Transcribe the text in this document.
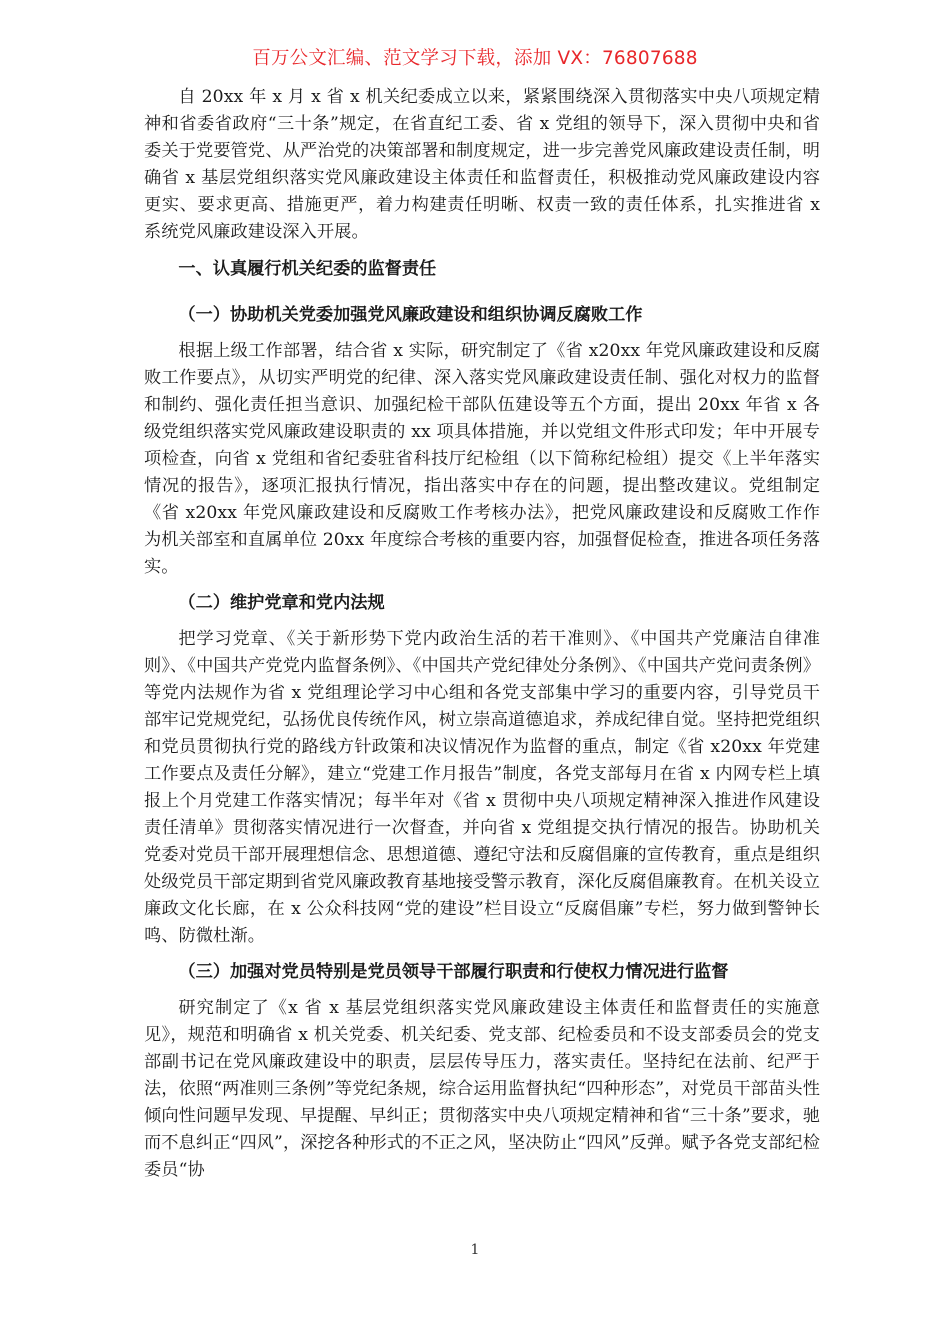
百万公文汇编、范文学习下载，添加 VX：76807688

自 20xx 年 x 月 x 省 x 机关纪委成立以来，紧紧围绕深入贯彻落实中央八项规定精神和省委省政府“三十条”规定，在省直纪工委、省 x 党组的领导下，深入贯彻中央和省委关于党要管党、从严治党的决策部署和制度规定，进一步完善党风廉政建设责任制，明确省 x 基层党组织落实党风廉政建设主体责任和监督责任，积极推动党风廉政建设内容更实、要求更高、措施更严，着力构建责任明晰、权责一致的责任体系，扎实推进省 x 系统党风廉政建设深入开展。

一、认真履行机关纪委的监督责任

（一）协助机关党委加强党风廉政建设和组织协调反腐败工作

根据上级工作部署，结合省 x 实际，研究制定了《省 x20xx 年党风廉政建设和反腐败工作要点》，从切实严明党的纪律、深入落实党风廉政建设责任制、强化对权力的监督和制约、强化责任担当意识、加强纪检干部队伍建设等五个方面，提出 20xx 年省 x 各级党组织落实党风廉政建设职责的 xx 项具体措施，并以党组文件形式印发；年中开展专项检查，向省 x 党组和省纪委驻省科技厅纪检组（以下简称纪检组）提交《上半年落实情况的报告》，逐项汇报执行情况，指出落实中存在的问题，提出整改建议。党组制定《省 x20xx 年党风廉政建设和反腐败工作考核办法》，把党风廉政建设和反腐败工作作为机关部室和直属单位 20xx 年度综合考核的重要内容，加强督促检查，推进各项任务落实。

（二）维护党章和党内法规

把学习党章、《关于新形势下党内政治生活的若干准则》、《中国共产党廉洁自律准则》、《中国共产党党内监督条例》、《中国共产党纪律处分条例》、《中国共产党问责条例》等党内法规作为省 x 党组理论学习中心组和各党支部集中学习的重要内容，引导党员干部牢记党规党纪，弘扬优良传统作风，树立崇高道德追求，养成纪律自觉。坚持把党组织和党员贯彻执行党的路线方针政策和决议情况作为监督的重点，制定《省 x20xx 年党建工作要点及责任分解》，建立“党建工作月报告”制度，各党支部每月在省 x 内网专栏上填报上个月党建工作落实情况；每半年对《省 x 贯彻中央八项规定精神深入推进作风建设责任清单》贯彻落实情况进行一次督查，并向省 x 党组提交执行情况的报告。协助机关党委对党员干部开展理想信念、思想道德、遵纪守法和反腐倡廉的宣传教育，重点是组织处级党员干部定期到省党风廉政教育基地接受警示教育，深化反腐倡廉教育。在机关设立廉政文化长廊，在 x 公众科技网“党的建设”栏目设立“反腐倡廉”专栏，努力做到警钟长鸣、防微杜渐。

（三）加强对党员特别是党员领导干部履行职责和行使权力情况进行监督

研究制定了《x 省 x 基层党组织落实党风廉政建设主体责任和监督责任的实施意见》，规范和明确省 x 机关党委、机关纪委、党支部、纪检委员和不设支部委员会的党支部副书记在党风廉政建设中的职责，层层传导压力，落实责任。坚持纪在法前、纪严于法，依照“两准则三条例”等党纪条规，综合运用监督执纪“四种形态”，对党员干部苗头性倾向性问题早发现、早提醒、早纠正；贯彻落实中央八项规定精神和省“三十条”要求，驰而不息纠正“四风”，深挖各种形式的不正之风，坚决防止“四风”反弹。赋予各党支部纪检委员“协

1
